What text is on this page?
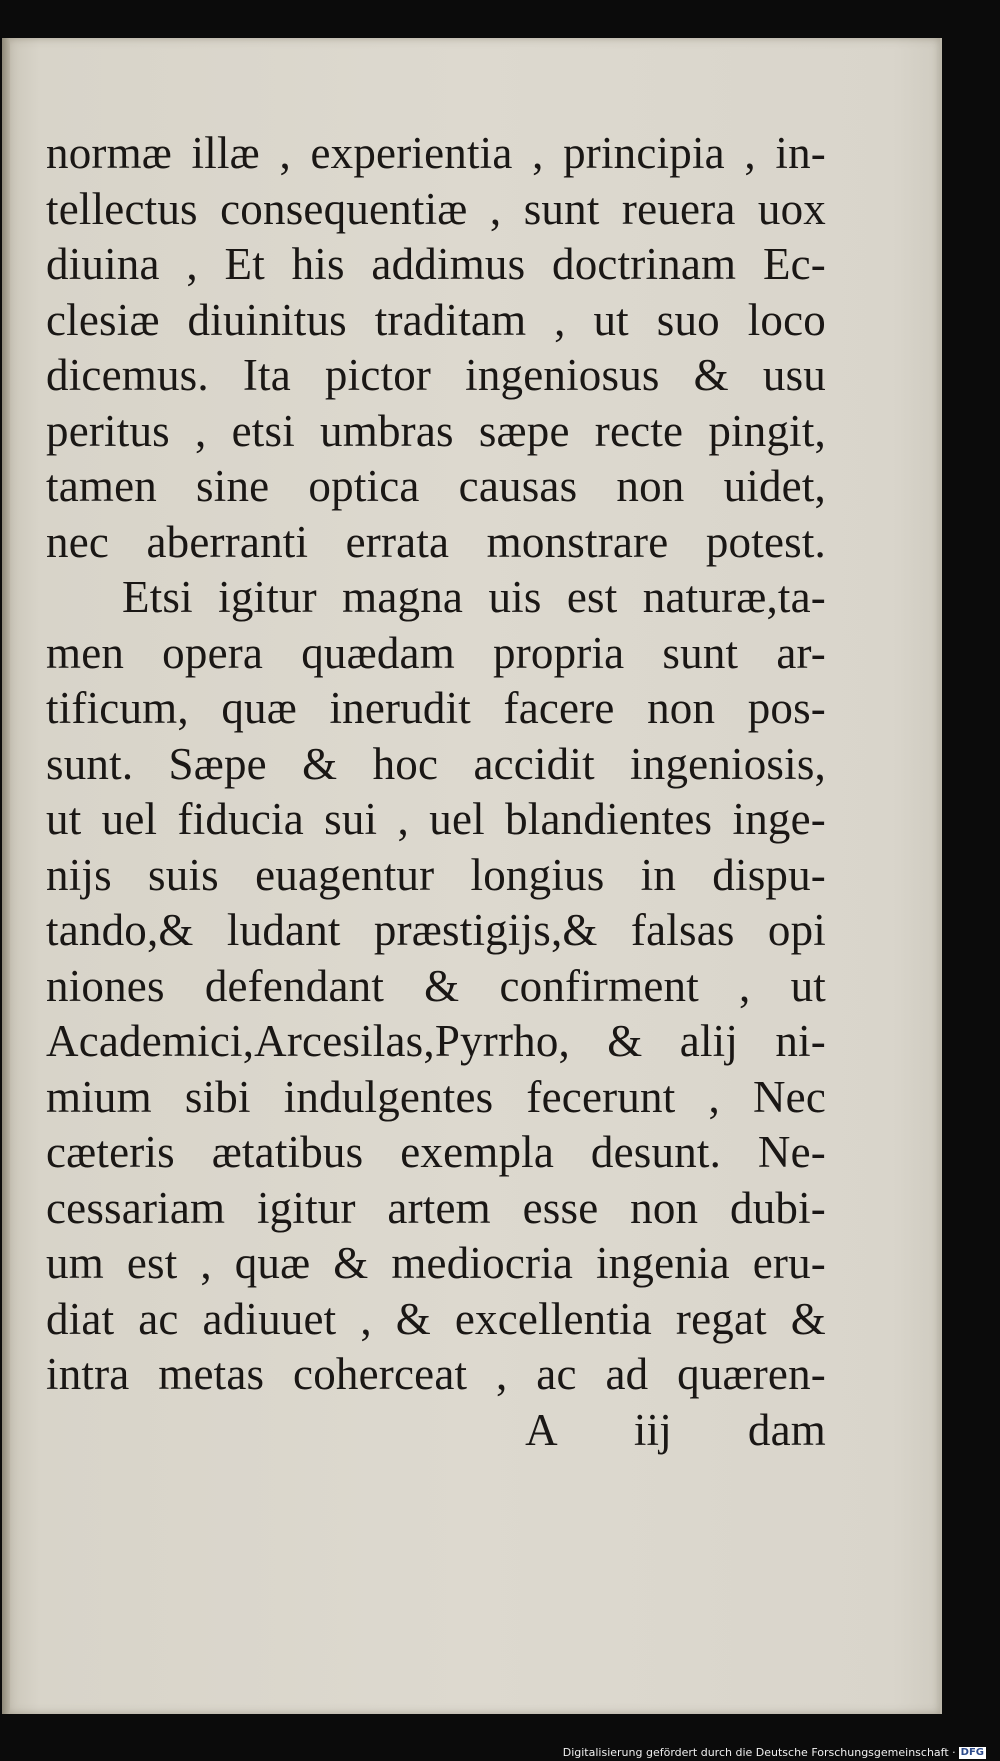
normæ illæ , experientia , principia , in-
tellectus consequentiæ , sunt reuera uox
diuina , Et his addimus doctrinam Ec-
clesiæ diuinitus traditam , ut suo loco
dicemus. Ita pictor ingeniosus & usu
peritus , etsi umbras sæpe recte pingit,
tamen sine optica causas non uidet,
nec aberranti errata monstrare potest.
Etsi igitur magna uis est naturæ,ta-
men opera quædam propria sunt ar-
tificum, quæ inerudit facere non pos-
sunt. Sæpe & hoc accidit ingeniosis,
ut uel fiducia sui , uel blandientes inge-
nijs suis euagentur longius in dispu-
tando,& ludant præstigijs,& falsas opi
niones defendant & confirment , ut
Academici,Arcesilas,Pyrrho, & alij ni-
mium sibi indulgentes fecerunt , Nec
cæteris ætatibus exempla desunt. Ne-
cessariam igitur artem esse non dubi-
um est , quæ & mediocria ingenia eru-
diat ac adiuuet , & excellentia regat &
intra metas coherceat , ac ad quæren-
A iij dam
Digitalisierung gefördert durch die Deutsche Forschungsgemeinschaft · DFG
